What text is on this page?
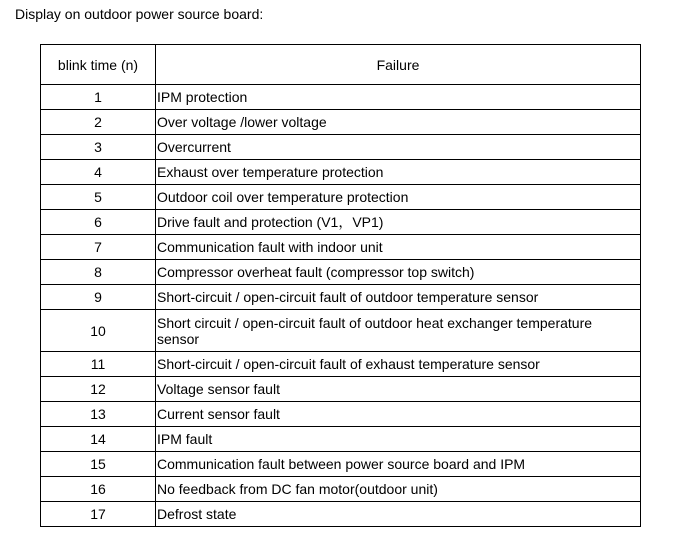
Display on outdoor power source board:
blink time (n)	Failure
1	IPM protection
2	Over voltage /lower voltage
3	Overcurrent
4	Exhaust over temperature protection
5	Outdoor coil over temperature protection
6	Drive fault and protection (V1，VP1)
7	Communication fault with indoor unit
8	Compressor overheat fault (compressor top switch)
9	Short-circuit / open-circuit fault of outdoor temperature sensor
10	Short circuit / open-circuit fault of outdoor heat exchanger temperature sensor
11	Short-circuit / open-circuit fault of exhaust temperature sensor
12	Voltage sensor fault
13	Current sensor fault
14	IPM fault
15	Communication fault between power source board and IPM
16	No feedback from DC fan motor(outdoor unit)
17	Defrost state
